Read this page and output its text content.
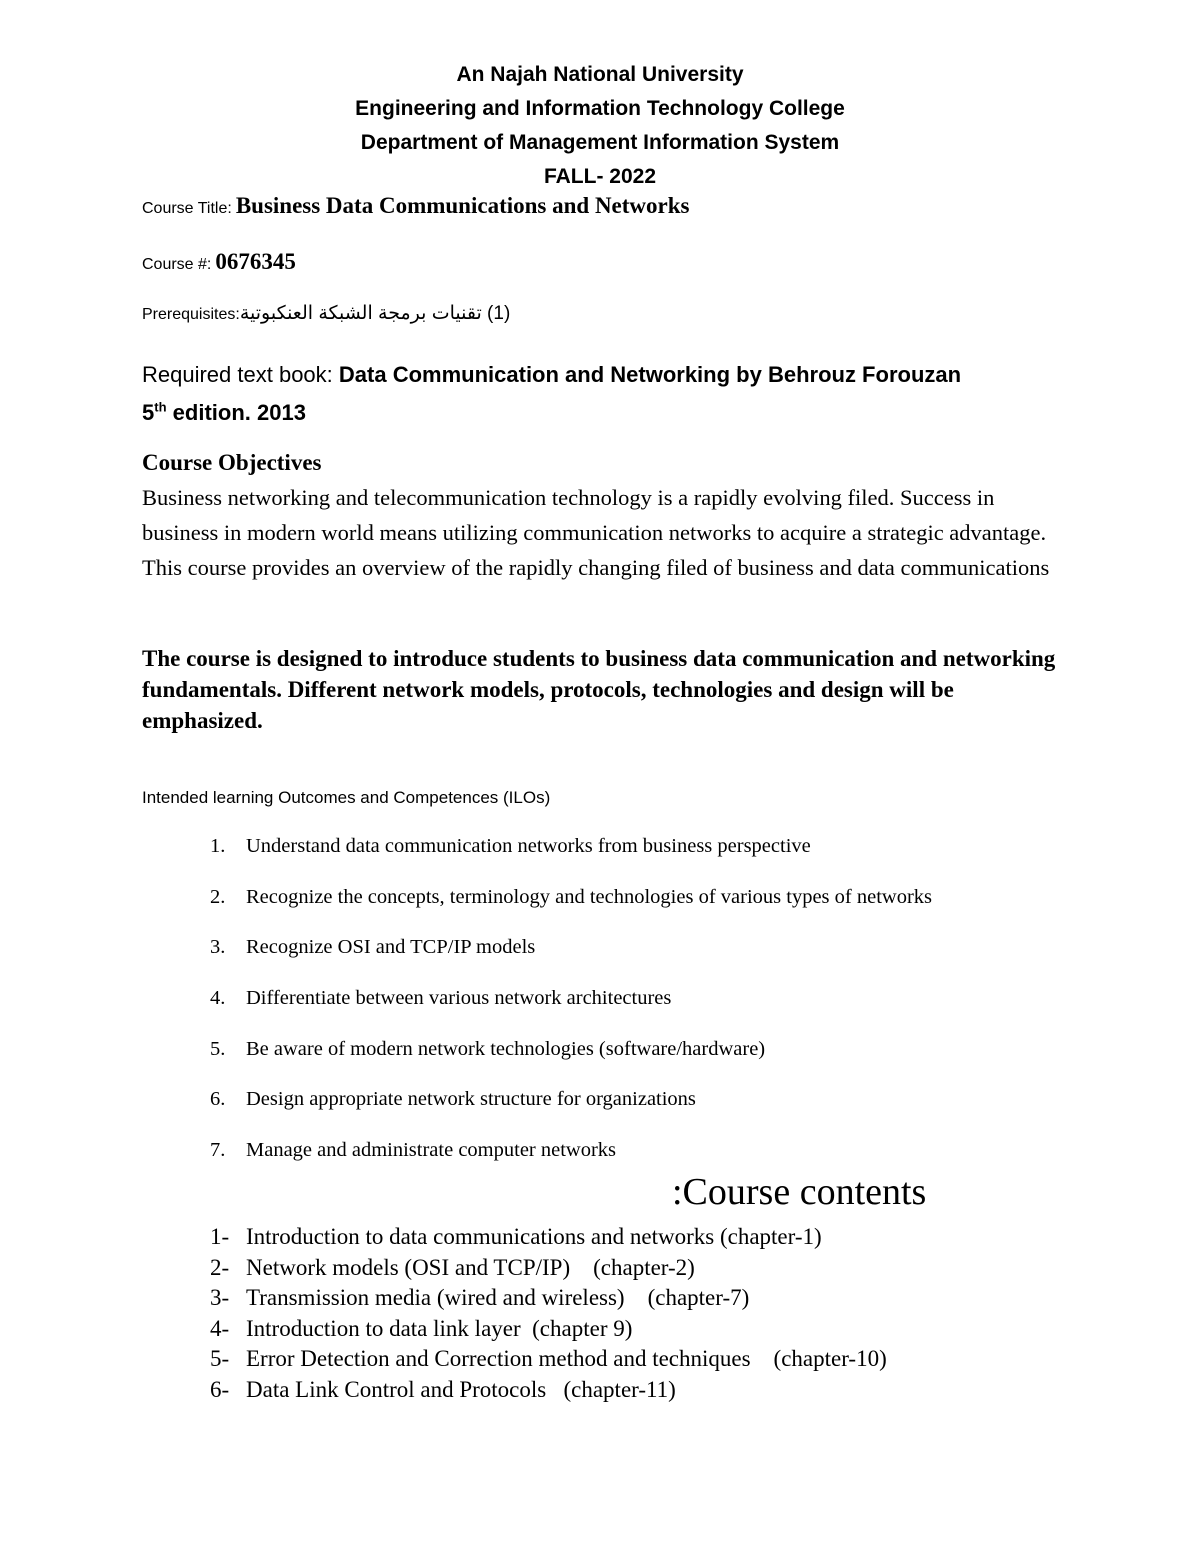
An Najah National University
Engineering and Information Technology College
Department of Management Information System
FALL- 2022
Course Title: Business Data Communications and Networks
Course #: 0676345
Prerequisites:(1) تقنيات برمجة الشبكة العنكبوتية
Required text book: Data Communication and Networking by Behrouz Forouzan
5th edition. 2013
Course Objectives
Business networking and telecommunication technology is a rapidly evolving filed. Success in business in modern world means utilizing communication networks to acquire a strategic advantage. This course provides an overview of the rapidly changing filed of business and data communications
The course is designed to introduce students to business data communication and networking fundamentals. Different network models, protocols, technologies and design will be emphasized.
Intended learning Outcomes and Competences (ILOs)
1.	Understand data communication networks from business perspective
2.	Recognize the concepts, terminology and technologies of various types of networks
3.	Recognize OSI and TCP/IP models
4.	Differentiate between various network architectures
5.	Be aware of modern network technologies (software/hardware)
6.	Design appropriate network structure for organizations
7.	Manage and administrate computer networks
:Course contents
1- Introduction to data communications and networks (chapter-1)
2- Network models (OSI and TCP/IP)    (chapter-2)
3- Transmission media (wired and wireless)    (chapter-7)
4- Introduction to data link layer  (chapter 9)
5- Error Detection and Correction method and techniques    (chapter-10)
6- Data Link Control and Protocols   (chapter-11)
